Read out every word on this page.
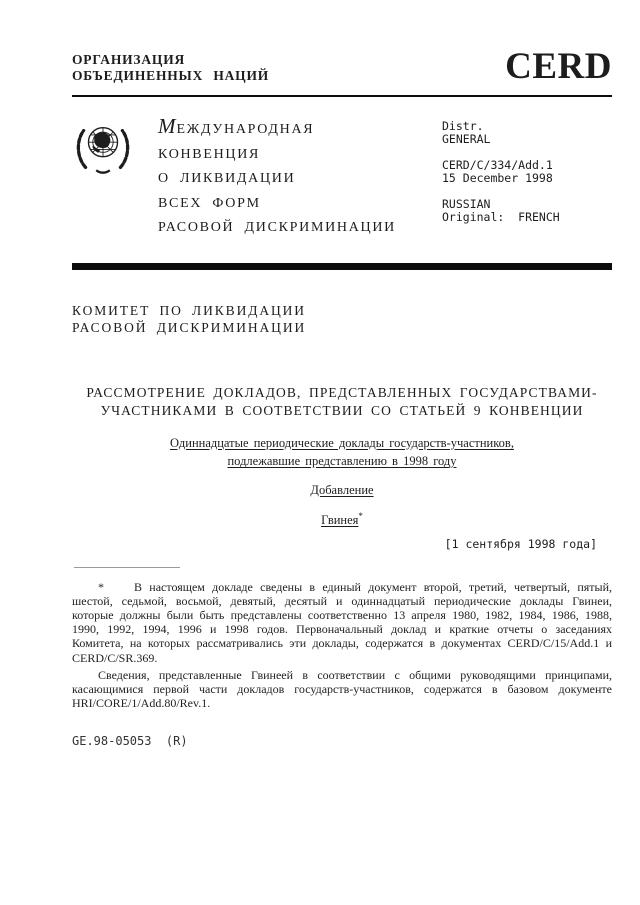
ОРГАНИЗАЦИЯ
ОБЪЕДИНЕННЫХ НАЦИЙ	CERD
МЕЖДУНАРОДНАЯ
КОНВЕНЦИЯ
О ЛИКВИДАЦИИ
ВСЕХ ФОРМ
РАСОВОЙ ДИСКРИМИНАЦИИ
Distr.
GENERAL
CERD/C/334/Add.1
15 December 1998
RUSSIAN
Original:  FRENCH
КОМИТЕТ ПО ЛИКВИДАЦИИ
РАСОВОЙ ДИСКРИМИНАЦИИ
РАССМОТРЕНИЕ ДОКЛАДОВ, ПРЕДСТАВЛЕННЫХ ГОСУДАРСТВАМИ-
УЧАСТНИКАМИ В СООТВЕТСТВИИ СО СТАТЬЕЙ 9 КОНВЕНЦИИ
Одиннадцатые периодические доклады государств-участников,
подлежавшие представлению в 1998 году
Добавление
Гвинея*
[1 сентября 1998 года]

*	В настоящем докладе сведены в единый документ второй, третий, четвертый, пятый, шестой, седьмой, восьмой, девятый, десятый и одиннадцатый периодические доклады Гвинеи, которые должны были быть представлены соответственно 13 апреля 1980, 1982, 1984, 1986, 1988, 1990, 1992, 1994, 1996 и 1998 годов. Первоначальный доклад и краткие отчеты о заседаниях Комитета, на которых рассматривались эти доклады, содержатся в документах CERD/C/15/Add.1 и CERD/C/SR.369.

Сведения, представленные Гвинеей в соответствии с общими руководящими принципами, касающимися первой части докладов государств-участников, содержатся в базовом документе HRI/CORE/1/Add.80/Rev.1.

GE.98-05053  (R)
